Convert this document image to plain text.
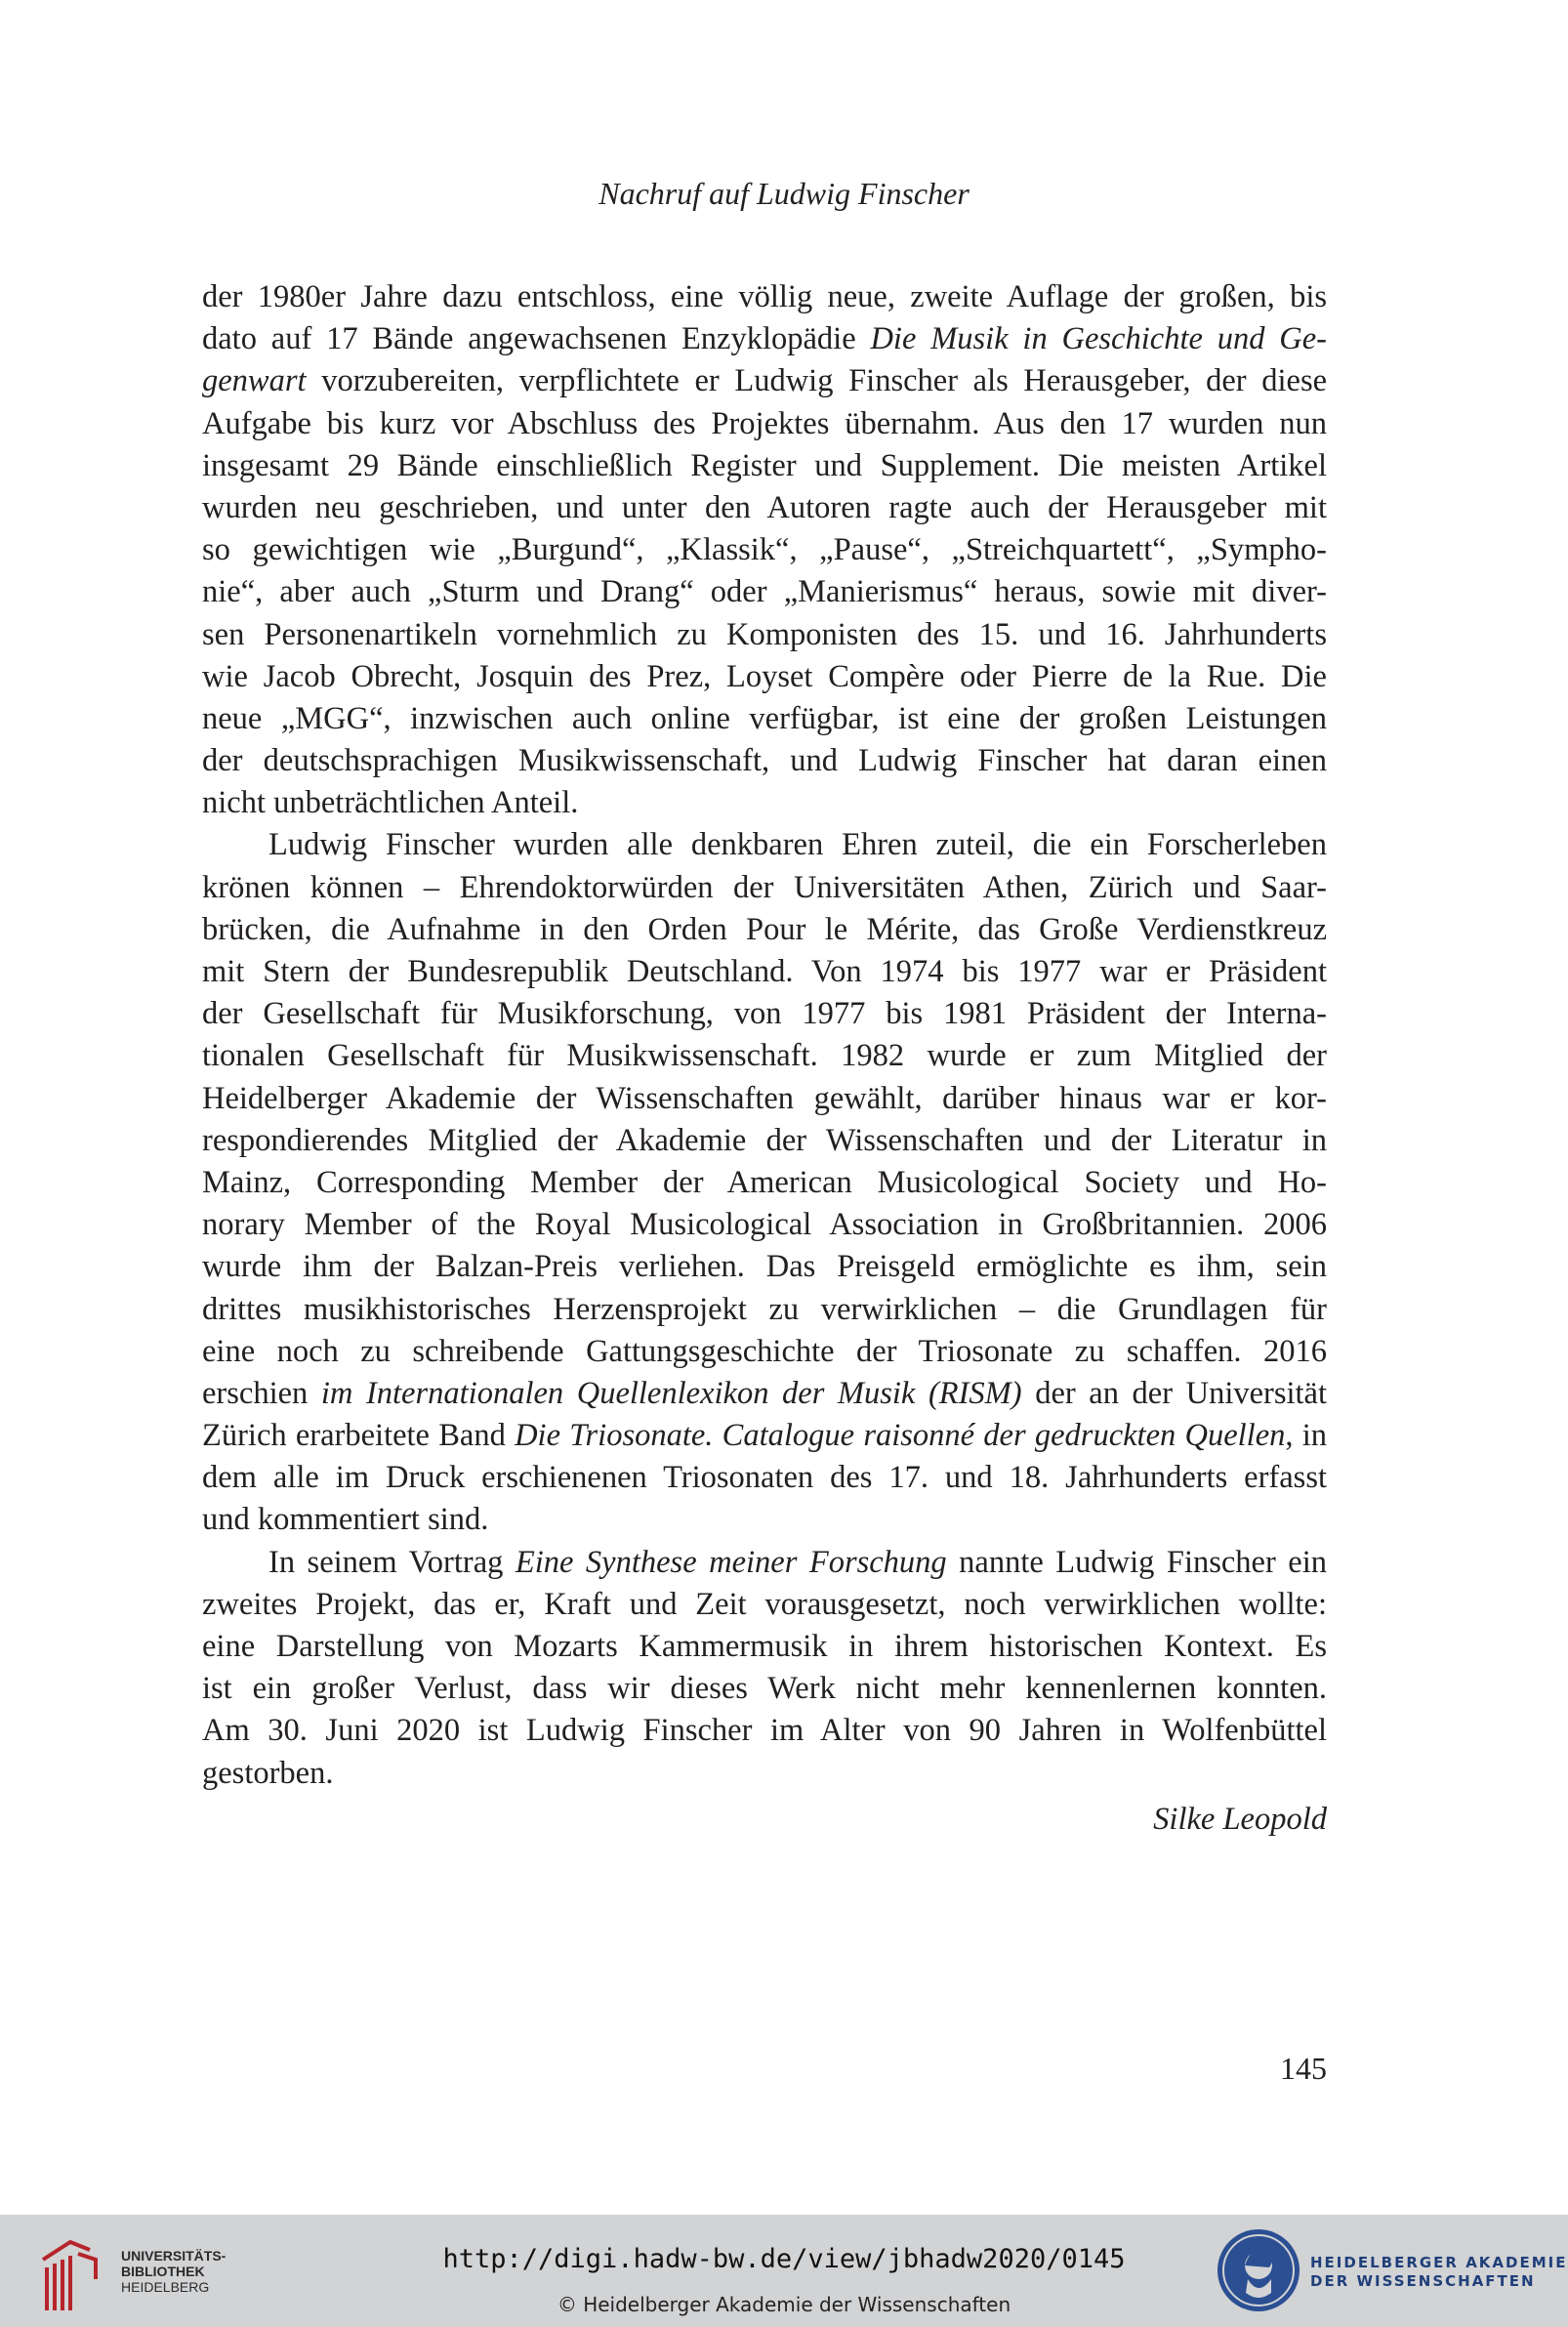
Nachruf auf Ludwig Finscher
der 1980er Jahre dazu entschloss, eine völlig neue, zweite Auflage der großen, bis
dato auf 17 Bände angewachsenen Enzyklopädie Die Musik in Geschichte und Ge-
genwart vorzubereiten, verpflichtete er Ludwig Finscher als Herausgeber, der diese
Aufgabe bis kurz vor Abschluss des Projektes übernahm. Aus den 17 wurden nun
insgesamt 29 Bände einschließlich Register und Supplement. Die meisten Artikel
wurden neu geschrieben, und unter den Autoren ragte auch der Herausgeber mit
so gewichtigen wie „Burgund“, „Klassik“, „Pause“, „Streichquartett“, „Sympho-
nie“, aber auch „Sturm und Drang“ oder „Manierismus“ heraus, sowie mit diver-
sen Personenartikeln vornehmlich zu Komponisten des 15. und 16. Jahrhunderts
wie Jacob Obrecht, Josquin des Prez, Loyset Compère oder Pierre de la Rue. Die
neue „MGG“, inzwischen auch online verfügbar, ist eine der großen Leistungen
der deutschsprachigen Musikwissenschaft, und Ludwig Finscher hat daran einen
nicht unbeträchtlichen Anteil.
Ludwig Finscher wurden alle denkbaren Ehren zuteil, die ein Forscherleben
krönen können – Ehrendoktorwürden der Universitäten Athen, Zürich und Saar-
brücken, die Aufnahme in den Orden Pour le Mérite, das Große Verdienstkreuz
mit Stern der Bundesrepublik Deutschland. Von 1974 bis 1977 war er Präsident
der Gesellschaft für Musikforschung, von 1977 bis 1981 Präsident der Interna-
tionalen Gesellschaft für Musikwissenschaft. 1982 wurde er zum Mitglied der
Heidelberger Akademie der Wissenschaften gewählt, darüber hinaus war er kor-
respondierendes Mitglied der Akademie der Wissenschaften und der Literatur in
Mainz, Corresponding Member der American Musicological Society und Ho-
norary Member of the Royal Musicological Association in Großbritannien. 2006
wurde ihm der Balzan-Preis verliehen. Das Preisgeld ermöglichte es ihm, sein
drittes musikhistorisches Herzensprojekt zu verwirklichen – die Grundlagen für
eine noch zu schreibende Gattungsgeschichte der Triosonate zu schaffen. 2016
erschien im Internationalen Quellenlexikon der Musik (RISM) der an der Universität
Zürich erarbeitete Band Die Triosonate. Catalogue raisonné der gedruckten Quellen, in
dem alle im Druck erschienenen Triosonaten des 17. und 18. Jahrhunderts erfasst
und kommentiert sind.
In seinem Vortrag Eine Synthese meiner Forschung nannte Ludwig Finscher ein
zweites Projekt, das er, Kraft und Zeit vorausgesetzt, noch verwirklichen wollte:
eine Darstellung von Mozarts Kammermusik in ihrem historischen Kontext. Es
ist ein großer Verlust, dass wir dieses Werk nicht mehr kennenlernen konnten.
Am 30. Juni 2020 ist Ludwig Finscher im Alter von 90 Jahren in Wolfenbüttel
gestorben.
Silke Leopold
145
UNIVERSITÄTS-
BIBLIOTHEK
HEIDELBERG
http://digi.hadw-bw.de/view/jbhadw2020/0145
© Heidelberger Akademie der Wissenschaften
HEIDELBERGER AKADEMIE
DER WISSENSCHAFTEN
